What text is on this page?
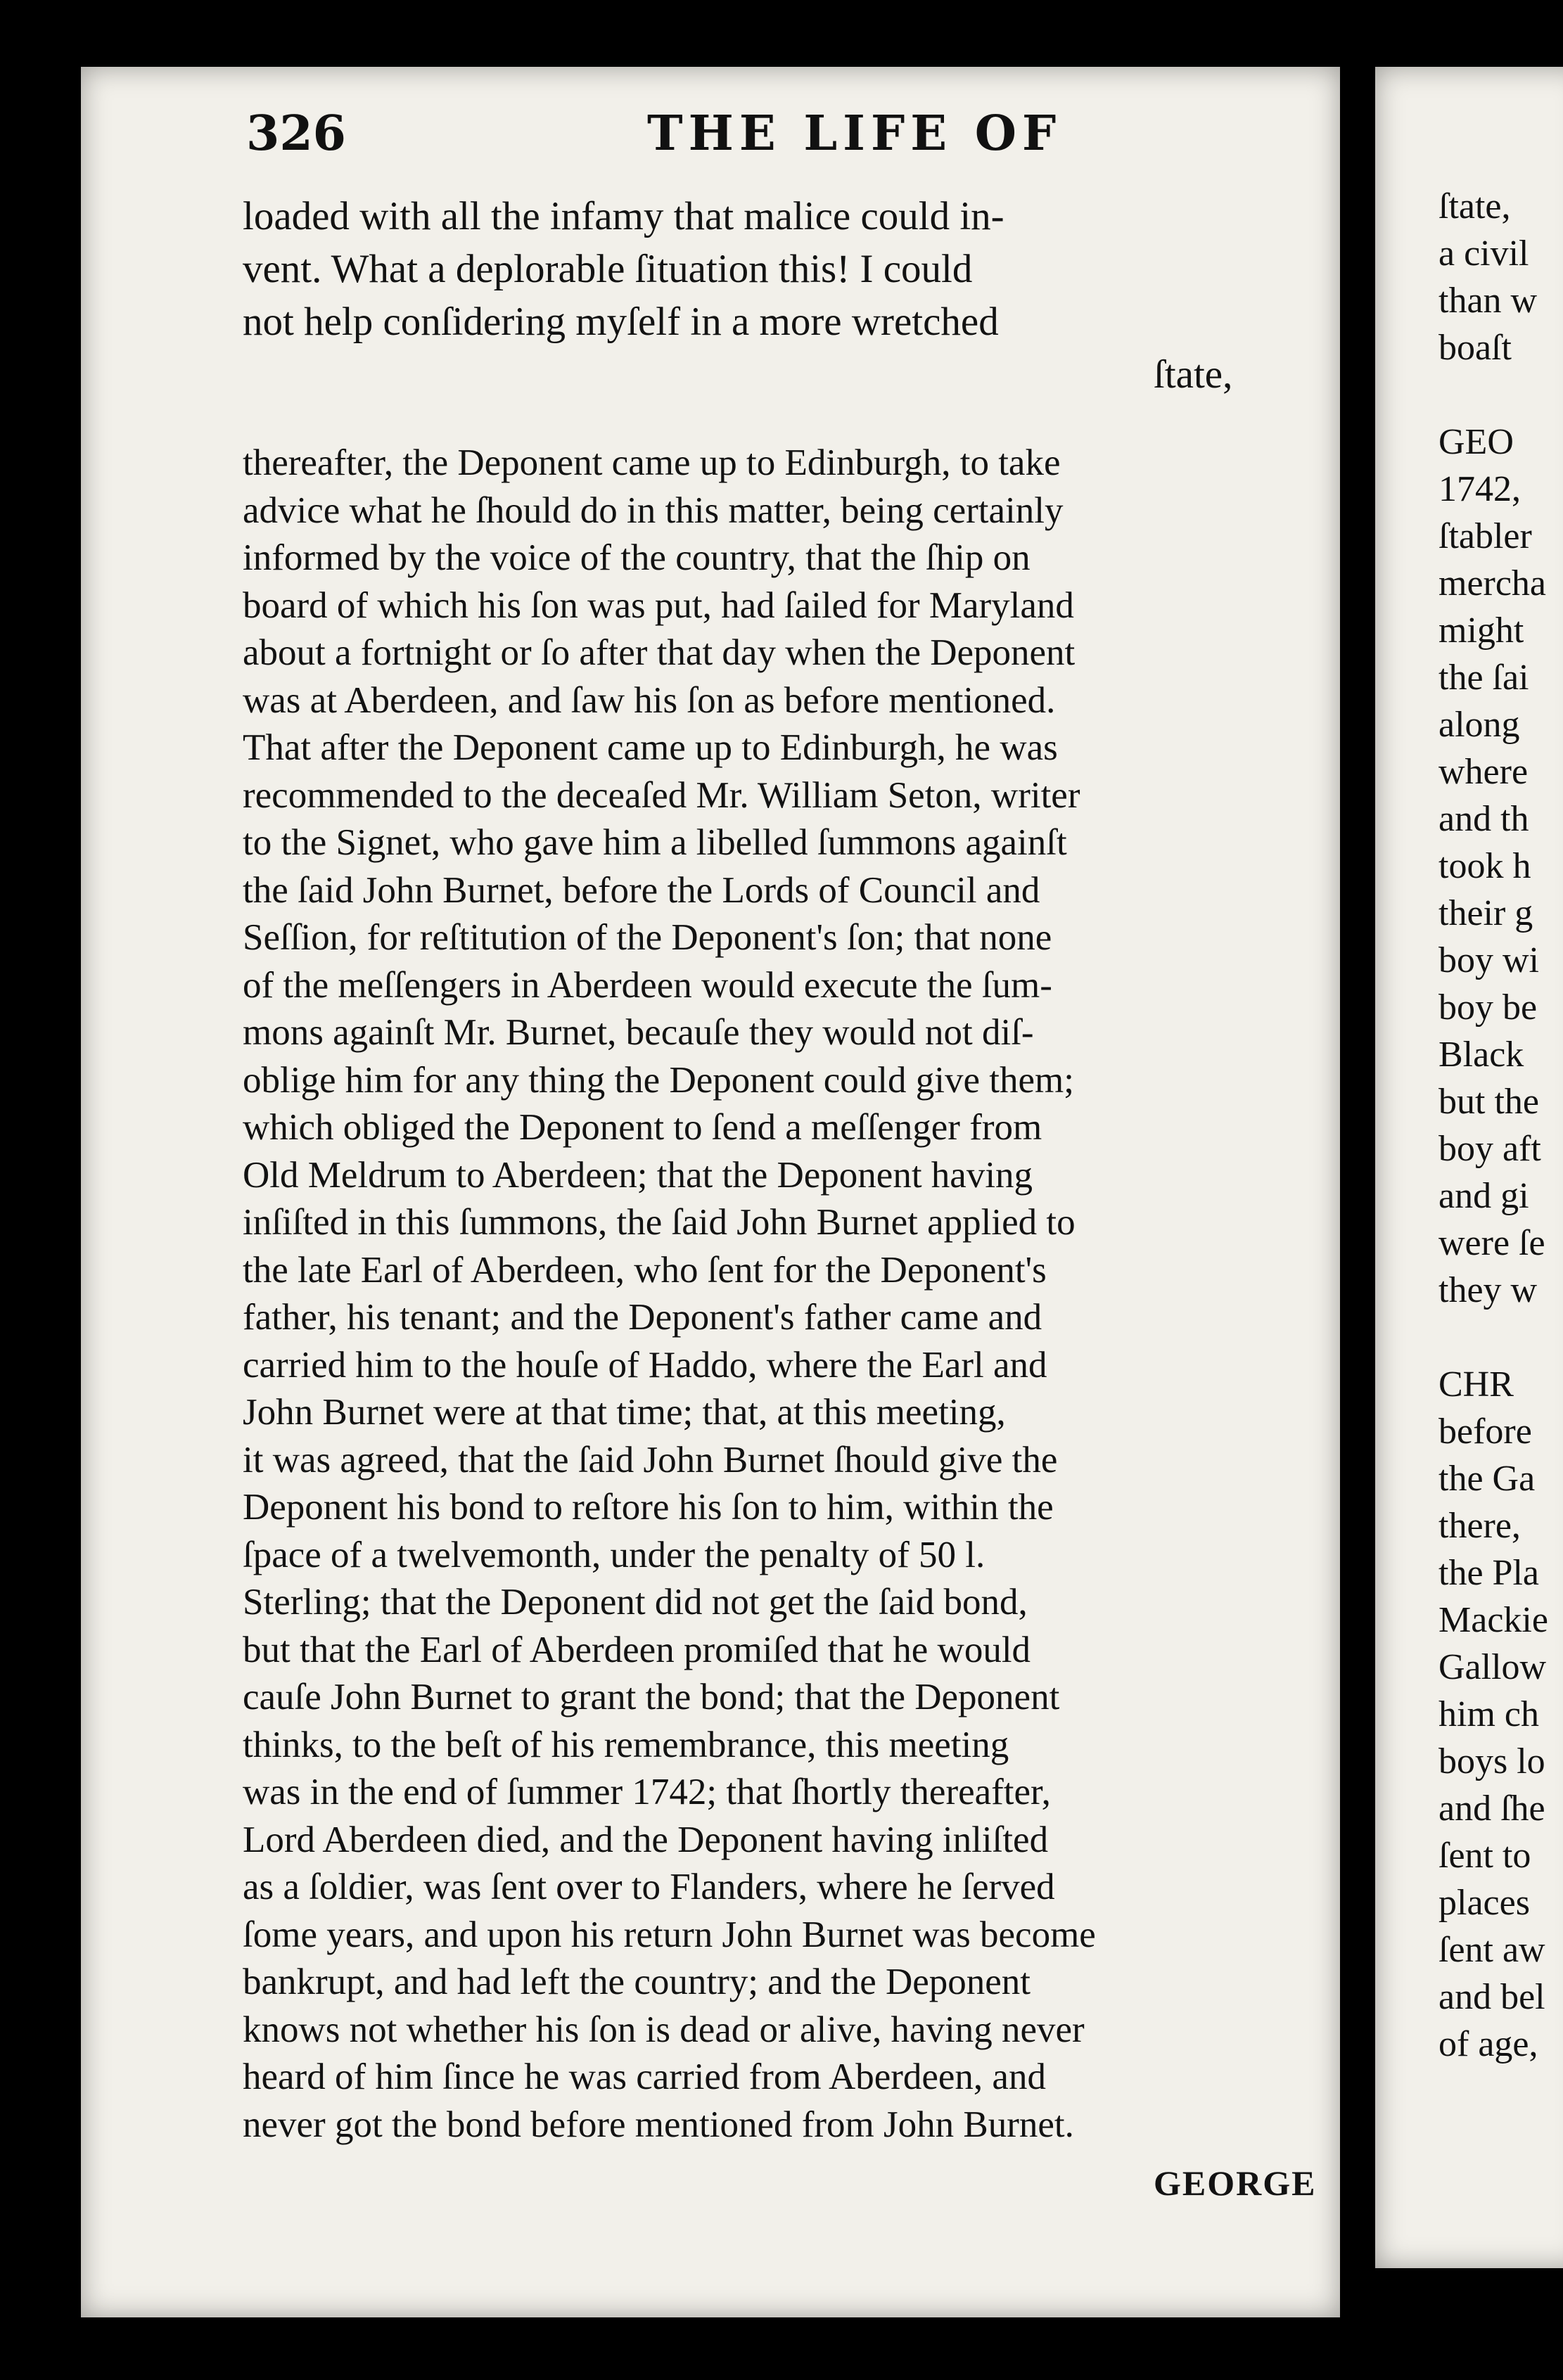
326	THE LIFE OF
loaded with all the infamy that malice could in-
vent. What a deplorable ſituation this! I could
not help conſidering myſelf in a more wretched
ſtate,
thereafter, the Deponent came up to Edinburgh, to take
advice what he ſhould do in this matter, being certainly
informed by the voice of the country, that the ſhip on
board of which his ſon was put, had ſailed for Maryland
about a fortnight or ſo after that day when the Deponent
was at Aberdeen, and ſaw his ſon as before mentioned.
That after the Deponent came up to Edinburgh, he was
recommended to the deceaſed Mr. William Seton, writer
to the Signet, who gave him a libelled ſummons againſt
the ſaid John Burnet, before the Lords of Council and
Seſſion, for reſtitution of the Deponent's ſon; that none
of the meſſengers in Aberdeen would execute the ſum-
mons againſt Mr. Burnet, becauſe they would not diſ-
oblige him for any thing the Deponent could give them;
which obliged the Deponent to ſend a meſſenger from
Old Meldrum to Aberdeen; that the Deponent having
inſiſted in this ſummons, the ſaid John Burnet applied to
the late Earl of Aberdeen, who ſent for the Deponent's
father, his tenant; and the Deponent's father came and
carried him to the houſe of Haddo, where the Earl and
John Burnet were at that time; that, at this meeting,
it was agreed, that the ſaid John Burnet ſhould give the
Deponent his bond to reſtore his ſon to him, within the
ſpace of a twelvemonth, under the penalty of 50 l.
Sterling; that the Deponent did not get the ſaid bond,
but that the Earl of Aberdeen promiſed that he would
cauſe John Burnet to grant the bond; that the Deponent
thinks, to the beſt of his remembrance, this meeting
was in the end of ſummer 1742; that ſhortly thereafter,
Lord Aberdeen died, and the Deponent having inliſted
as a ſoldier, was ſent over to Flanders, where he ſerved
ſome years, and upon his return John Burnet was become
bankrupt, and had left the country; and the Deponent
knows not whether his ſon is dead or alive, having never
heard of him ſince he was carried from Aberdeen, and
never got the bond before mentioned from John Burnet.
GEORGE
ſtate,
a civil
than w
boaſt
GEO
1742,
ſtabler
mercha
might
the ſai
along
where
and th
took h
their g
boy wi
boy be
Black
but the
boy aft
and gi
were ſe
they w
CHR
before
the Ga
there,
the Pla
Mackie
Gallow
him ch
boys lo
and ſhe
ſent to
places
ſent aw
and bel
of age,
